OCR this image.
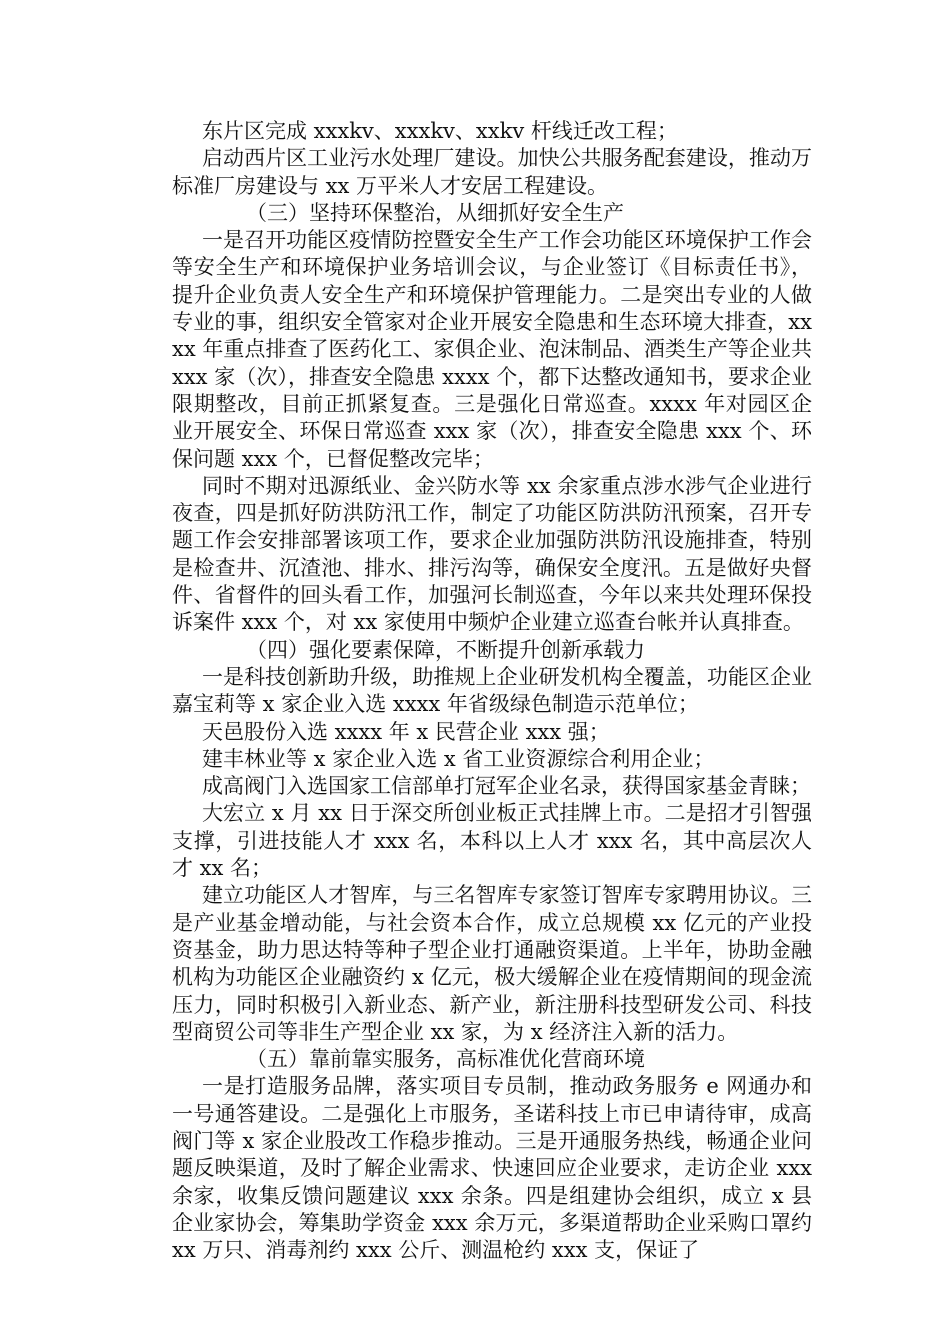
东片区完成 xxxkv、xxxkv、xxkv 杆线迁改工程；

启动西片区工业污水处理厂建设。加快公共服务配套建设，推动万标准厂房建设与 xx 万平米人才安居工程建设。

（三）坚持环保整治，从细抓好安全生产

一是召开功能区疫情防控暨安全生产工作会功能区环境保护工作会等安全生产和环境保护业务培训会议，与企业签订《目标责任书》，提升企业负责人安全生产和环境保护管理能力。二是突出专业的人做专业的事，组织安全管家对企业开展安全隐患和生态环境大排查，xxxx 年重点排查了医药化工、家俱企业、泡沫制品、酒类生产等企业共 xxx 家（次），排查安全隐患 xxxx 个，都下达整改通知书，要求企业限期整改，目前正抓紧复查。三是强化日常巡查。xxxx 年对园区企业开展安全、环保日常巡查 xxx 家（次），排查安全隐患 xxx 个、环保问题 xxx 个，已督促整改完毕；

同时不期对迅源纸业、金兴防水等 xx 余家重点涉水涉气企业进行夜查，四是抓好防洪防汛工作，制定了功能区防洪防汛预案，召开专题工作会安排部署该项工作，要求企业加强防洪防汛设施排查，特别是检查井、沉渣池、排水、排污沟等，确保安全度汛。五是做好央督件、省督件的回头看工作，加强河长制巡查，今年以来共处理环保投诉案件 xxx 个，对 xx 家使用中频炉企业建立巡查台帐并认真排查。

（四）强化要素保障，不断提升创新承载力

一是科技创新助升级，助推规上企业研发机构全覆盖，功能区企业嘉宝莉等 x 家企业入选 xxxx 年省级绿色制造示范单位；

天邑股份入选 xxxx 年 x 民营企业 xxx 强；

建丰林业等 x 家企业入选 x 省工业资源综合利用企业；

成高阀门入选国家工信部单打冠军企业名录，获得国家基金青睐；

大宏立 x 月 xx 日于深交所创业板正式挂牌上市。二是招才引智强支撑，引进技能人才 xxx 名，本科以上人才 xxx 名，其中高层次人才 xx 名；

建立功能区人才智库，与三名智库专家签订智库专家聘用协议。三是产业基金增动能，与社会资本合作，成立总规模 xx 亿元的产业投资基金，助力思达特等种子型企业打通融资渠道。上半年，协助金融机构为功能区企业融资约 x 亿元，极大缓解企业在疫情期间的现金流压力，同时积极引入新业态、新产业，新注册科技型研发公司、科技型商贸公司等非生产型企业 xx 家，为 x 经济注入新的活力。

（五）靠前靠实服务，高标准优化营商环境

一是打造服务品牌，落实项目专员制，推动政务服务 e 网通办和一号通答建设。二是强化上市服务，圣诺科技上市已申请待审，成高阀门等 x 家企业股改工作稳步推动。三是开通服务热线，畅通企业问题反映渠道，及时了解企业需求、快速回应企业要求，走访企业 xxx 余家，收集反馈问题建议 xxx 余条。四是组建协会组织，成立 x 县企业家协会，筹集助学资金 xxx 余万元，多渠道帮助企业采购口罩约 xx 万只、消毒剂约 xxx 公斤、测温枪约 xxx 支，保证了
